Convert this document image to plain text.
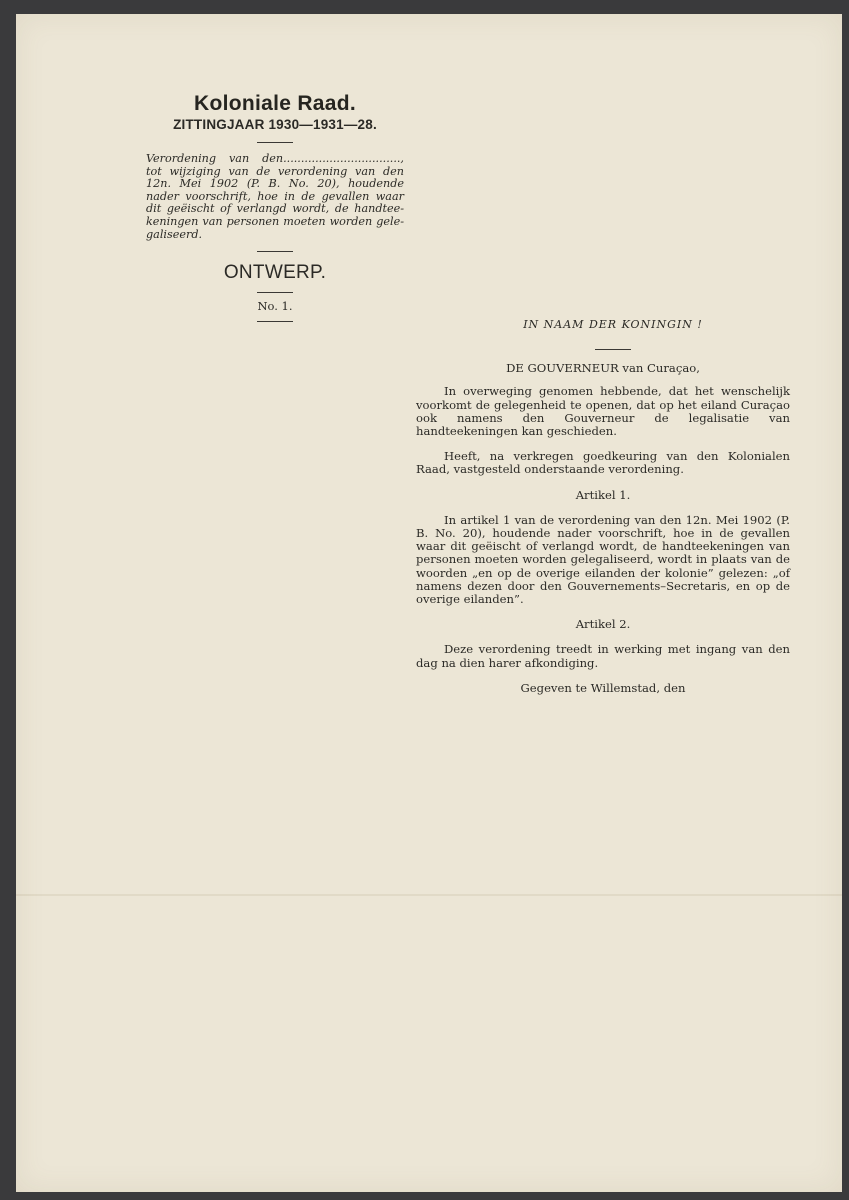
Koloniale Raad.

ZITTINGJAAR 1930—1931—28.

Verordening van den................................., tot wijziging van de verordening van den 12n. Mei 1902 (P. B. No. 20), houdende nader voorschrift, hoe in de gevallen waar dit geëischt of verlangd wordt, de handtee-keningen van personen moeten worden gele-galiseerd.

ONTWERP.

No. 1.

IN NAAM DER KONINGIN !

DE GOUVERNEUR van Curaçao,

In overweging genomen hebbende, dat het wenschelijk voorkomt de gelegenheid te openen, dat op het eiland Curaçao ook namens den Gouverneur de legalisatie van handteekeningen kan geschieden.

Heeft, na verkregen goedkeuring van den Kolonialen Raad, vastgesteld onderstaande verordening.

Artikel 1.

In artikel 1 van de verordening van den 12n. Mei 1902 (P. B. No. 20), houdende nader voorschrift, hoe in de gevallen waar dit geëischt of verlangd wordt, de handteekeningen van personen moeten worden gelegaliseerd, wordt in plaats van de woorden „en op de overige eilanden der kolonie” gelezen: „of namens dezen door den Gouvernements–Secretaris, en op de overige eilanden”.

Artikel 2.

Deze verordening treedt in werking met ingang van den dag na dien harer afkondiging.

Gegeven te Willemstad, den
